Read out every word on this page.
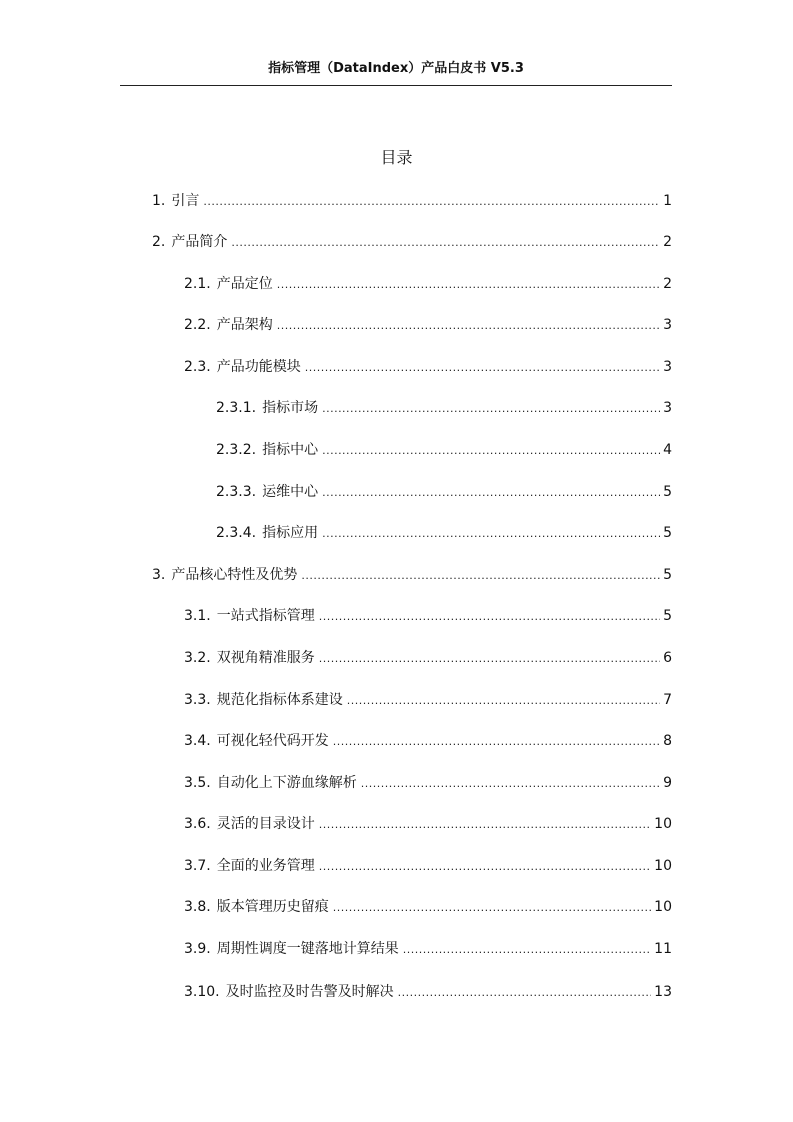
指标管理（DataIndex）产品白皮书 V5.3
目录
1. 引言 .....	1
2. 产品简介 .....	2
2.1. 产品定位 .....	2
2.2. 产品架构 .....	3
2.3. 产品功能模块 .....	3
2.3.1. 指标市场 .....	3
2.3.2. 指标中心 .....	4
2.3.3. 运维中心 .....	5
2.3.4. 指标应用 .....	5
3. 产品核心特性及优势 .....	5
3.1. 一站式指标管理 .....	5
3.2. 双视角精准服务 .....	6
3.3. 规范化指标体系建设 .....	7
3.4. 可视化轻代码开发 .....	8
3.5. 自动化上下游血缘解析 .....	9
3.6. 灵活的目录设计 .....	10
3.7. 全面的业务管理 .....	10
3.8. 版本管理历史留痕 .....	10
3.9. 周期性调度一键落地计算结果 .....	11
3.10. 及时监控及时告警及时解决 .....	13
